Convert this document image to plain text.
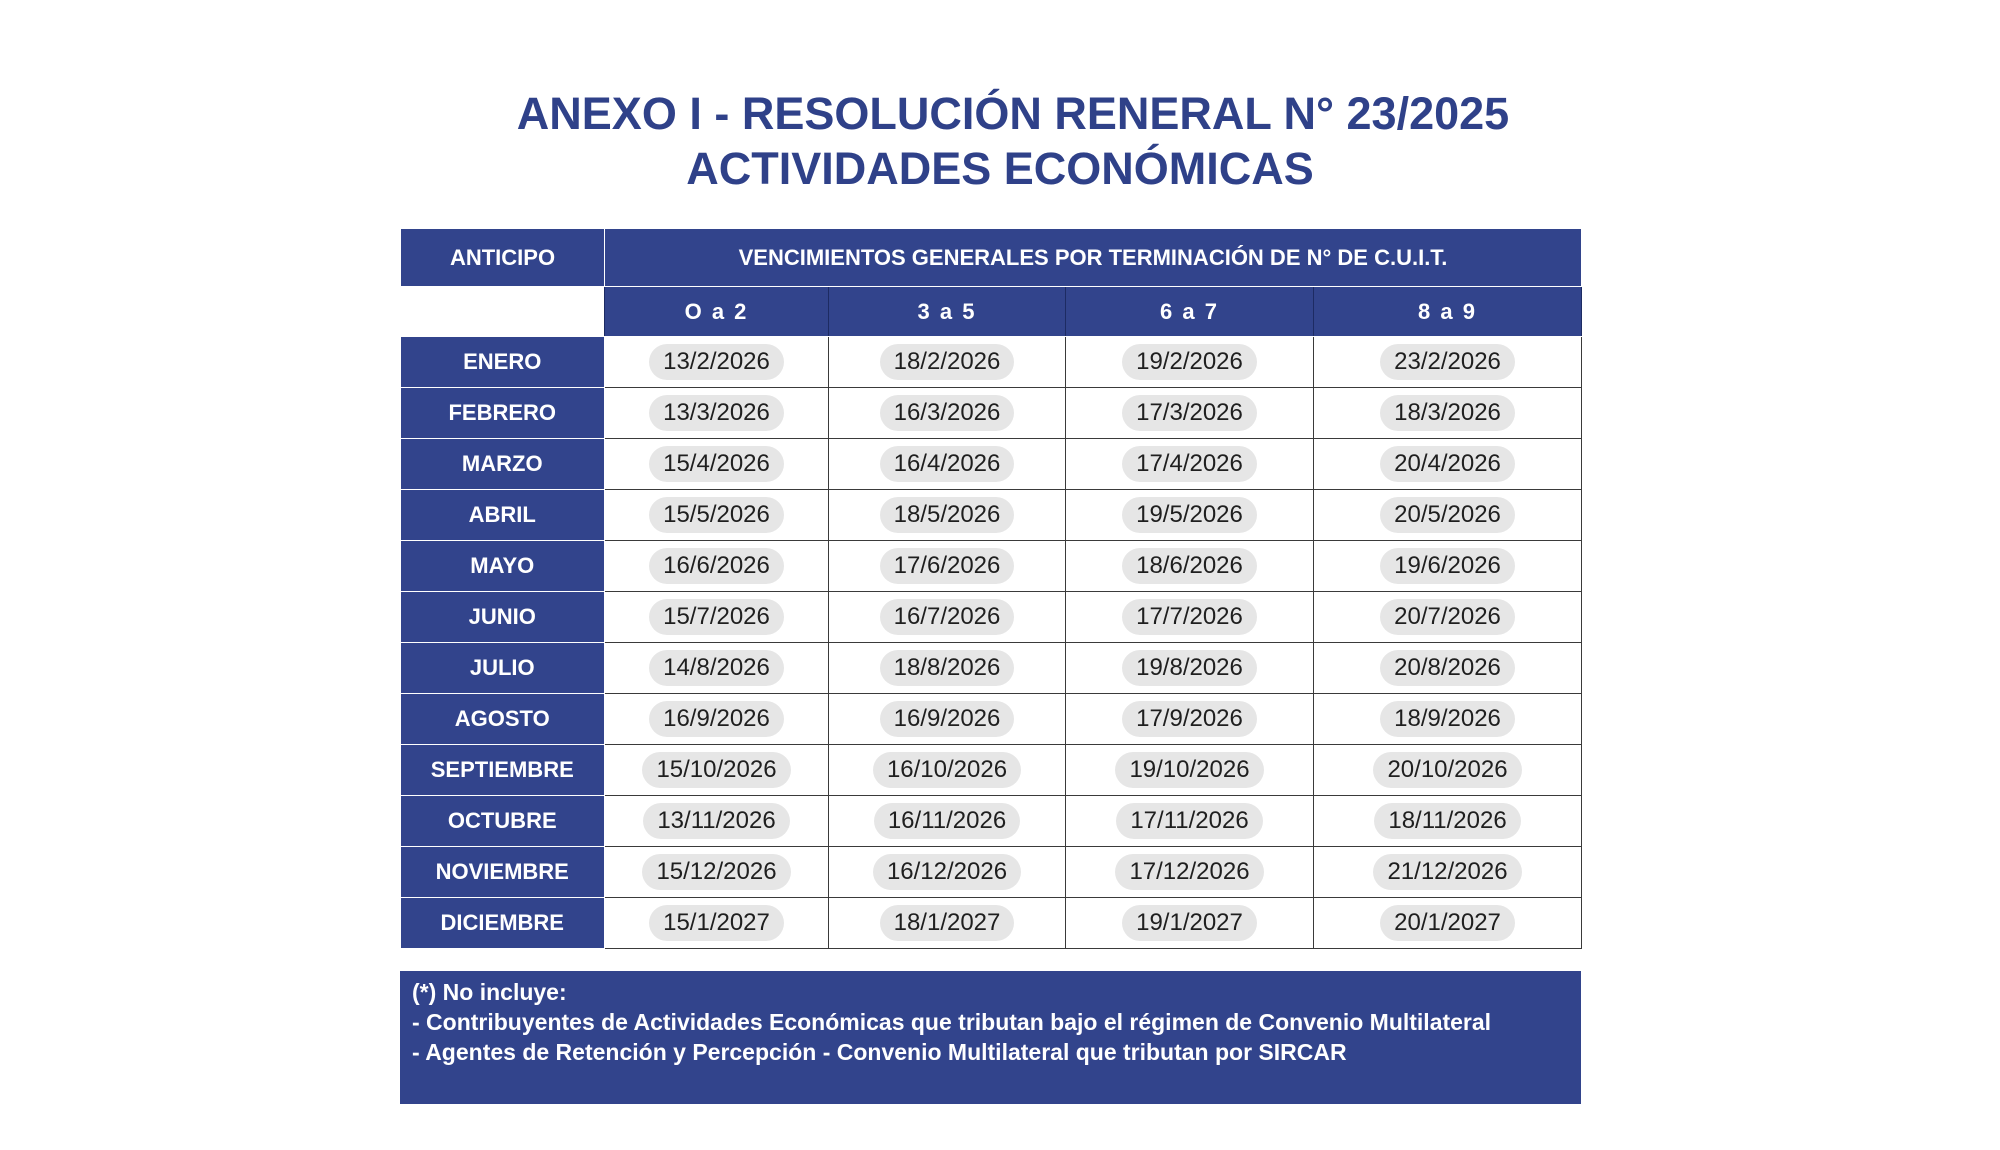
ANEXO I - RESOLUCIÓN RENERAL N° 23/2025
ACTIVIDADES ECONÓMICAS
ANTICIPO	VENCIMIENTOS GENERALES POR TERMINACIÓN DE N° DE C.U.I.T.			
	O a 2	3 a 5	6 a 7	8 a 9
ENERO	13/2/2026	18/2/2026	19/2/2026	23/2/2026
FEBRERO	13/3/2026	16/3/2026	17/3/2026	18/3/2026
MARZO	15/4/2026	16/4/2026	17/4/2026	20/4/2026
ABRIL	15/5/2026	18/5/2026	19/5/2026	20/5/2026
MAYO	16/6/2026	17/6/2026	18/6/2026	19/6/2026
JUNIO	15/7/2026	16/7/2026	17/7/2026	20/7/2026
JULIO	14/8/2026	18/8/2026	19/8/2026	20/8/2026
AGOSTO	16/9/2026	16/9/2026	17/9/2026	18/9/2026
SEPTIEMBRE	15/10/2026	16/10/2026	19/10/2026	20/10/2026
OCTUBRE	13/11/2026	16/11/2026	17/11/2026	18/11/2026
NOVIEMBRE	15/12/2026	16/12/2026	17/12/2026	21/12/2026
DICIEMBRE	15/1/2027	18/1/2027	19/1/2027	20/1/2027
(*) No incluye:
- Contribuyentes de Actividades Económicas que tributan bajo el régimen de Convenio Multilateral
- Agentes de Retención y Percepción - Convenio Multilateral que tributan por SIRCAR
